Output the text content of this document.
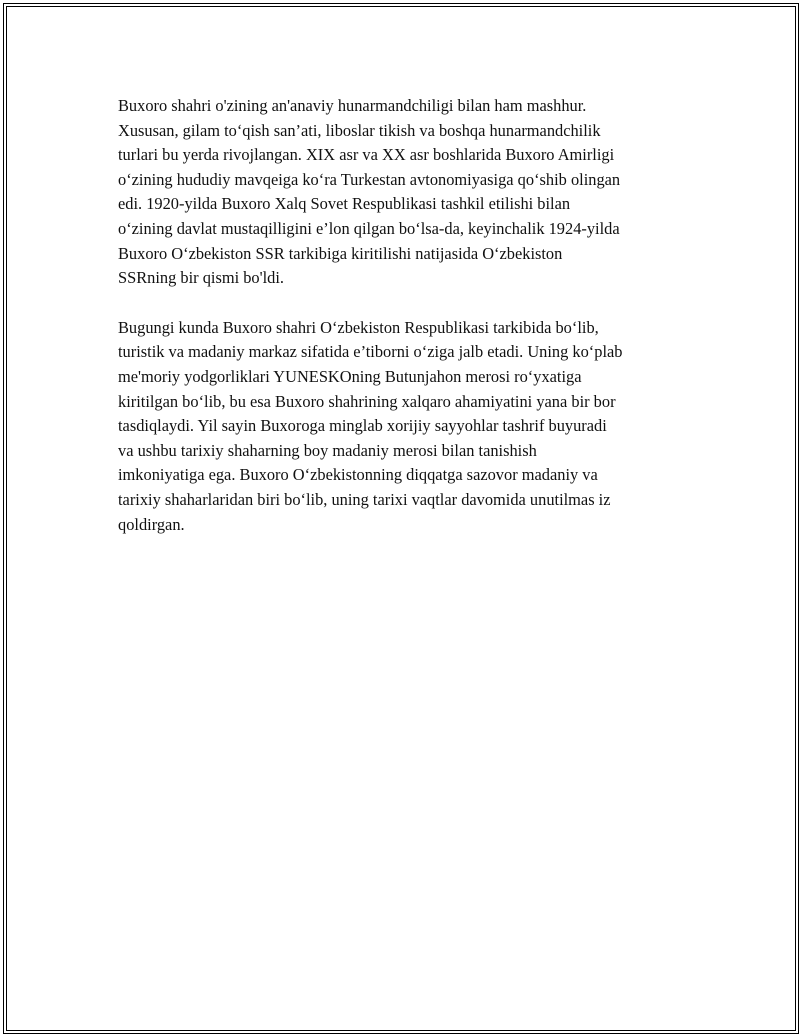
Buxoro shahri o'zining an'anaviy hunarmandchiligi bilan ham mashhur.
Xususan, gilam to‘qish san’ati, liboslar tikish va boshqa hunarmandchilik
turlari bu yerda rivojlangan. XIX asr va XX asr boshlarida Buxoro Amirligi
o‘zining hududiy mavqeiga ko‘ra Turkestan avtonomiyasiga qo‘shib olingan
edi. 1920-yilda Buxoro Xalq Sovet Respublikasi tashkil etilishi bilan
o‘zining davlat mustaqilligini e’lon qilgan bo‘lsa-da, keyinchalik 1924-yilda
Buxoro O‘zbekiston SSR tarkibiga kiritilishi natijasida O‘zbekiston
SSRning bir qismi bo'ldi.

Bugungi kunda Buxoro shahri O‘zbekiston Respublikasi tarkibida bo‘lib,
turistik va madaniy markaz sifatida e’tiborni o‘ziga jalb etadi. Uning ko‘plab
me'moriy yodgorliklari YUNESKOning Butunjahon merosi ro‘yxatiga
kiritilgan bo‘lib, bu esa Buxoro shahrining xalqaro ahamiyatini yana bir bor
tasdiqlaydi. Yil sayin Buxoroga minglab xorijiy sayyohlar tashrif buyuradi
va ushbu tarixiy shaharning boy madaniy merosi bilan tanishish
imkoniyatiga ega. Buxoro O‘zbekistonning diqqatga sazovor madaniy va
tarixiy shaharlaridan biri bo‘lib, uning tarixi vaqtlar davomida unutilmas iz
qoldirgan.
